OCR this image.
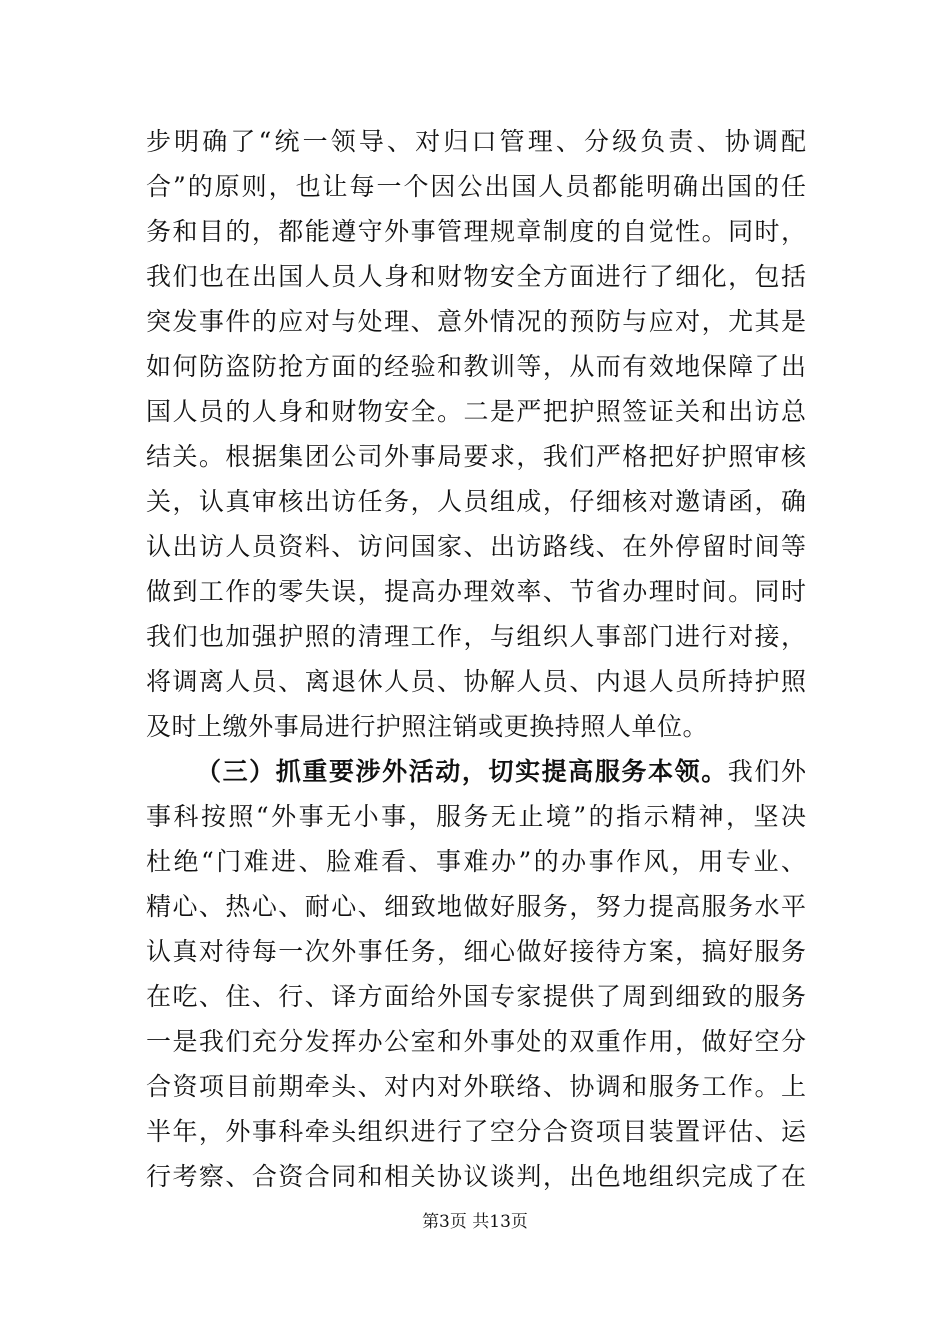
步明确了“统一领导、对归口管理、分级负责、协调配
合”的原则，也让每一个因公出国人员都能明确出国的任
务和目的，都能遵守外事管理规章制度的自觉性。同时，
我们也在出国人员人身和财物安全方面进行了细化，包括
突发事件的应对与处理、意外情况的预防与应对，尤其是
如何防盗防抢方面的经验和教训等，从而有效地保障了出
国人员的人身和财物安全。二是严把护照签证关和出访总
结关。根据集团公司外事局要求，我们严格把好护照审核
关，认真审核出访任务，人员组成，仔细核对邀请函，确
认出访人员资料、访问国家、出访路线、在外停留时间等
做到工作的零失误，提高办理效率、节省办理时间。同时
我们也加强护照的清理工作，与组织人事部门进行对接，
将调离人员、离退休人员、协解人员、内退人员所持护照
及时上缴外事局进行护照注销或更换持照人单位。
（三）抓重要涉外活动，切实提高服务本领。我们外
事科按照“外事无小事，服务无止境”的指示精神，坚决
杜绝“门难进、脸难看、事难办”的办事作风，用专业、
精心、热心、耐心、细致地做好服务，努力提高服务水平
认真对待每一次外事任务，细心做好接待方案，搞好服务
在吃、住、行、译方面给外国专家提供了周到细致的服务
一是我们充分发挥办公室和外事处的双重作用，做好空分
合资项目前期牵头、对内对外联络、协调和服务工作。上
半年，外事科牵头组织进行了空分合资项目装置评估、运
行考察、合资合同和相关协议谈判，出色地组织完成了在
第3页 共13页
